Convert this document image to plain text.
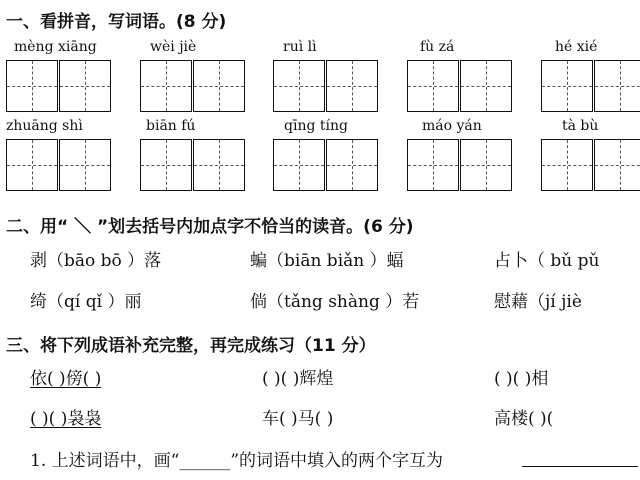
一、看拼音，写词语。(8 分)
mèng xiāng	wèi jiè	ruì lì	fù zá	hé xié
zhuāng shì	biān fú	qīng tíng	máo yán	tà bù
二、用“ ＼ ”划去括号内加点字不恰当的读音。(6 分)
剥（bāo bō ）落	蝙（biān biǎn ）蝠	占卜（ bǔ pǔ
绮（qí qǐ ）丽	倘（tǎng shàng ）若	慰藉（jí jiè
三、将下列成语补充完整，再完成练习（11 分）
依( )傍( )	( )( )辉煌	( )( )相
( )( )袅袅	车( )马( )	高楼( )(
1. 上述词语中，画“______”的词语中填入的两个字互为
